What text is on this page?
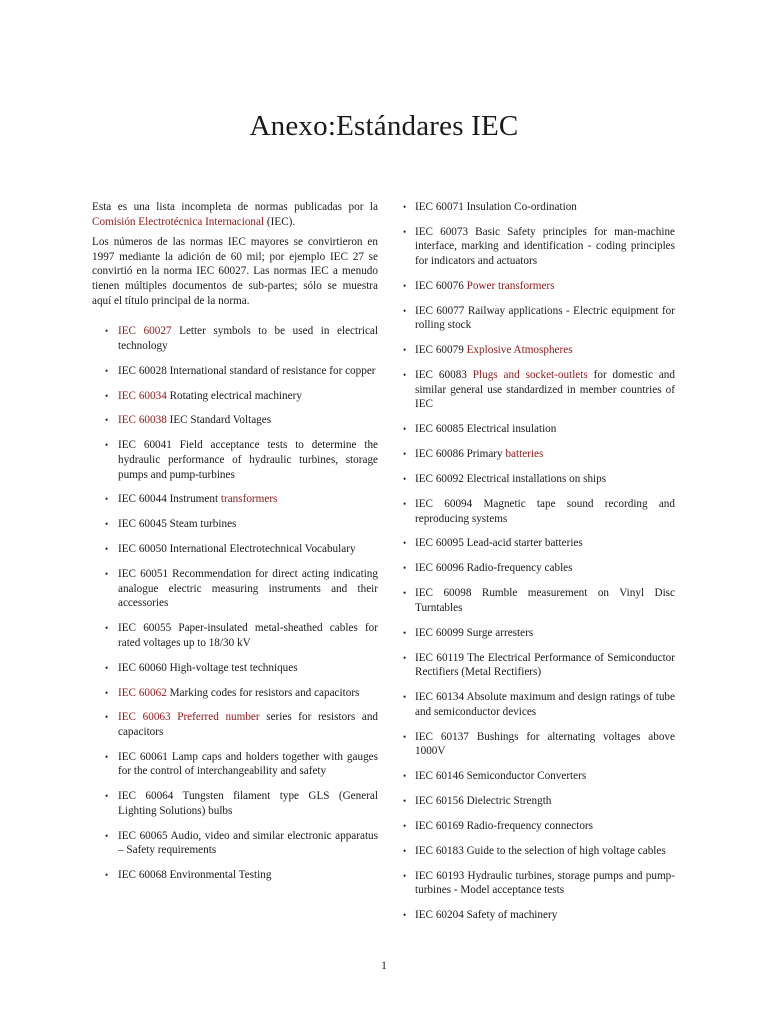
Anexo:Estándares IEC

Esta es una lista incompleta de normas publicadas por la Comisión Electrotécnica Internacional (IEC).

Los números de las normas IEC mayores se convirtieron en 1997 mediante la adición de 60 mil; por ejemplo IEC 27 se convirtió en la norma IEC 60027. Las normas IEC a menudo tienen múltiples documentos de sub-partes; sólo se muestra aquí el título principal de la norma.

• IEC 60027 Letter symbols to be used in electrical technology
• IEC 60028 International standard of resistance for copper
• IEC 60034 Rotating electrical machinery
• IEC 60038 IEC Standard Voltages
• IEC 60041 Field acceptance tests to determine the hydraulic performance of hydraulic turbines, storage pumps and pump-turbines
• IEC 60044 Instrument transformers
• IEC 60045 Steam turbines
• IEC 60050 International Electrotechnical Vocabulary
• IEC 60051 Recommendation for direct acting indicating analogue electric measuring instruments and their accessories
• IEC 60055 Paper-insulated metal-sheathed cables for rated voltages up to 18/30 kV
• IEC 60060 High-voltage test techniques
• IEC 60062 Marking codes for resistors and capacitors
• IEC 60063 Preferred number series for resistors and capacitors
• IEC 60061 Lamp caps and holders together with gauges for the control of interchangeability and safety
• IEC 60064 Tungsten filament type GLS (General Lighting Solutions) bulbs
• IEC 60065 Audio, video and similar electronic apparatus – Safety requirements
• IEC 60068 Environmental Testing
• IEC 60071 Insulation Co-ordination
• IEC 60073 Basic Safety principles for man-machine interface, marking and identification - coding principles for indicators and actuators
• IEC 60076 Power transformers
• IEC 60077 Railway applications - Electric equipment for rolling stock
• IEC 60079 Explosive Atmospheres
• IEC 60083 Plugs and socket-outlets for domestic and similar general use standardized in member countries of IEC
• IEC 60085 Electrical insulation
• IEC 60086 Primary batteries
• IEC 60092 Electrical installations on ships
• IEC 60094 Magnetic tape sound recording and reproducing systems
• IEC 60095 Lead-acid starter batteries
• IEC 60096 Radio-frequency cables
• IEC 60098 Rumble measurement on Vinyl Disc Turntables
• IEC 60099 Surge arresters
• IEC 60119 The Electrical Performance of Semiconductor Rectifiers (Metal Rectifiers)
• IEC 60134 Absolute maximum and design ratings of tube and semiconductor devices
• IEC 60137 Bushings for alternating voltages above 1000V
• IEC 60146 Semiconductor Converters
• IEC 60156 Dielectric Strength
• IEC 60169 Radio-frequency connectors
• IEC 60183 Guide to the selection of high voltage cables
• IEC 60193 Hydraulic turbines, storage pumps and pump-turbines - Model acceptance tests
• IEC 60204 Safety of machinery
1
